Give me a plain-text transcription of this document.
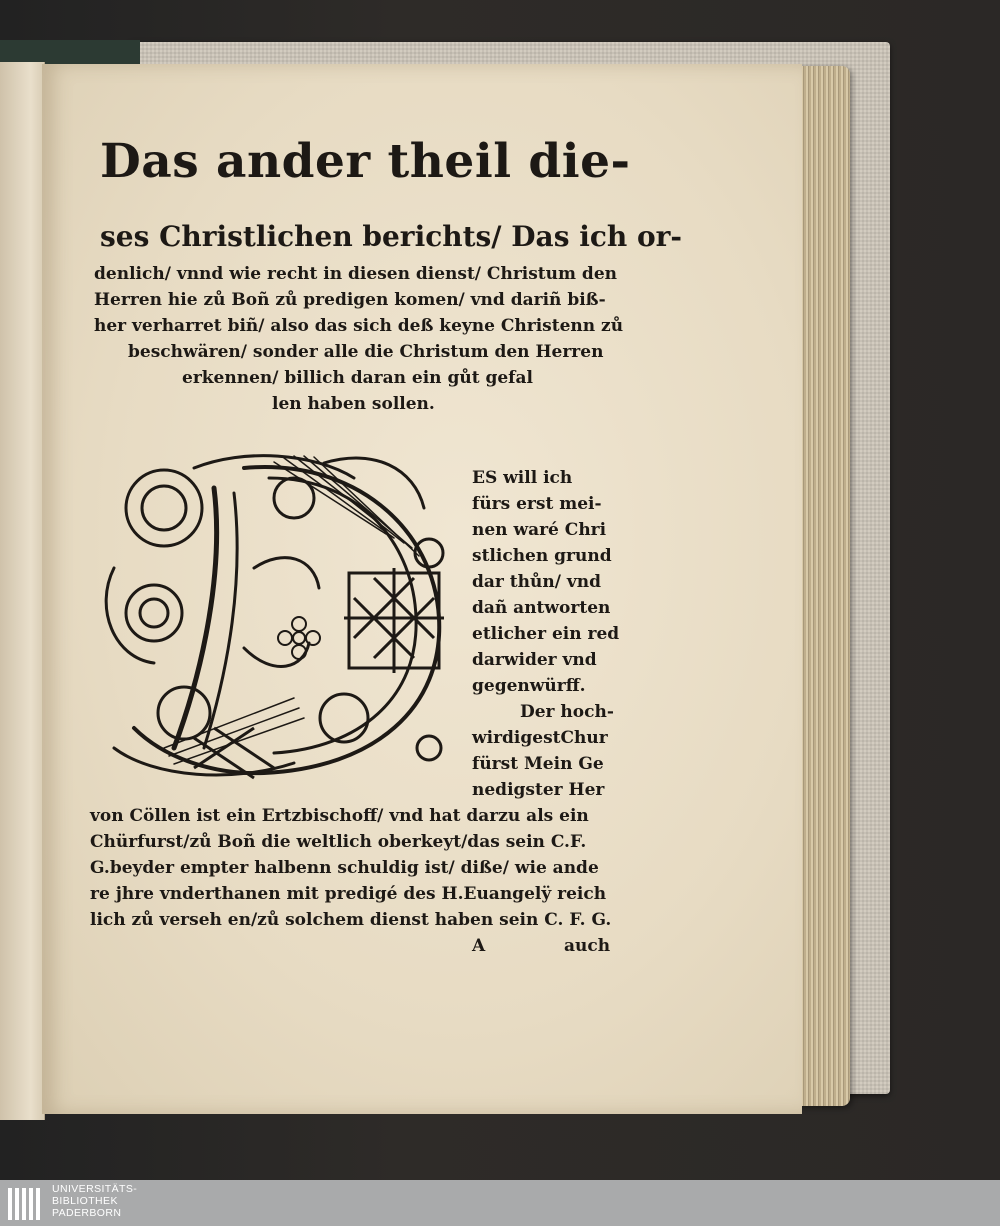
Das ander theil die-

ses Christlichen berichts/ Das ich or-

denlich/ vnnd wie recht in diesen dienst/ Christum den

Herren hie zů Boñ zů predigen komen/ vnd dariñ biß-

her verharret biñ/ also das sich deß keyne Christenn zů

beschwären/ sonder alle die Christum den Herren

erkennen/ billich daran ein gůt gefal

len haben sollen.

ES will ich

fürs erst mei-

nen waré Chri

stlichen grund

dar thůn/ vnd

dañ antworten

etlicher ein red

darwider vnd

gegenwürff.

Der hoch-

wirdigestChur

fürst Mein Ge

nedigster Her

von Cöllen ist ein Ertzbischoff/ vnd hat darzu als ein

Chürfurst/zů Boñ die weltlich oberkeyt/das sein C.F.

G.beyder empter halbenn schuldig ist/ diße/ wie ande

re jhre vnderthanen mit predigé des H.Euangelÿ reich

lich zů verseh en/zů solchem dienst haben sein C. F. G.

A	auch

UNIVERSITÄTS-
BIBLIOTHEK
PADERBORN
